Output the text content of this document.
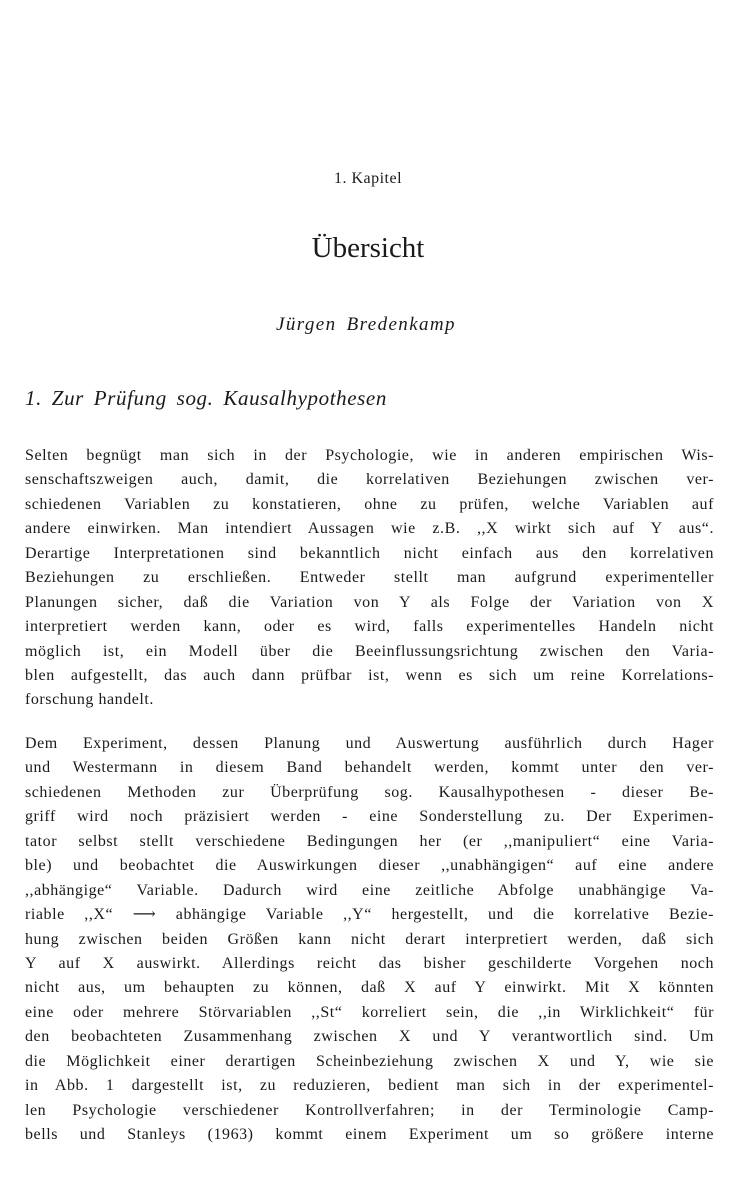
1. Kapitel
Übersicht
Jürgen Bredenkamp
1. Zur Prüfung sog. Kausalhypothesen
Selten begnügt man sich in der Psychologie, wie in anderen empirischen Wis-
senschaftszweigen auch, damit, die korrelativen Beziehungen zwischen ver-
schiedenen Variablen zu konstatieren, ohne zu prüfen, welche Variablen auf
andere einwirken. Man intendiert Aussagen wie z.B. ,,X wirkt sich auf Y aus“.
Derartige Interpretationen sind bekanntlich nicht einfach aus den korrelativen
Beziehungen zu erschließen. Entweder stellt man aufgrund experimenteller
Planungen sicher, daß die Variation von Y als Folge der Variation von X
interpretiert werden kann, oder es wird, falls experimentelles Handeln nicht
möglich ist, ein Modell über die Beeinflussungsrichtung zwischen den Varia-
blen aufgestellt, das auch dann prüfbar ist, wenn es sich um reine Korrelations-
forschung handelt.
Dem Experiment, dessen Planung und Auswertung ausführlich durch Hager
und Westermann in diesem Band behandelt werden, kommt unter den ver-
schiedenen Methoden zur Überprüfung sog. Kausalhypothesen - dieser Be-
griff wird noch präzisiert werden - eine Sonderstellung zu. Der Experimen-
tator selbst stellt verschiedene Bedingungen her (er ,,manipuliert“ eine Varia-
ble) und beobachtet die Auswirkungen dieser ,,unabhängigen“ auf eine andere
,,abhängige“ Variable. Dadurch wird eine zeitliche Abfolge unabhängige Va-
riable ,,X“ ⟶ abhängige Variable ,,Y“ hergestellt, und die korrelative Bezie-
hung zwischen beiden Größen kann nicht derart interpretiert werden, daß sich
Y auf X auswirkt. Allerdings reicht das bisher geschilderte Vorgehen noch
nicht aus, um behaupten zu können, daß X auf Y einwirkt. Mit X könnten
eine oder mehrere Störvariablen ,,St“ korreliert sein, die ,,in Wirklichkeit“ für
den beobachteten Zusammenhang zwischen X und Y verantwortlich sind. Um
die Möglichkeit einer derartigen Scheinbeziehung zwischen X und Y, wie sie
in Abb. 1 dargestellt ist, zu reduzieren, bedient man sich in der experimentel-
len Psychologie verschiedener Kontrollverfahren; in der Terminologie Camp-
bells und Stanleys (1963) kommt einem Experiment um so größere interne
